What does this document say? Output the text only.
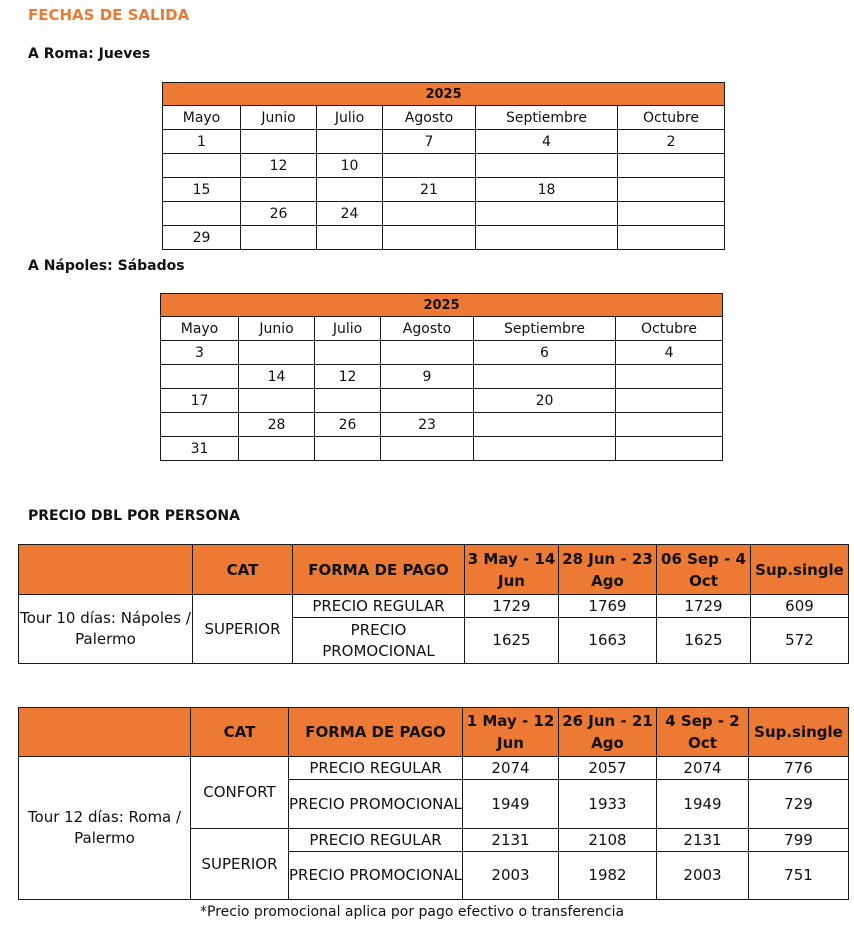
FECHAS DE SALIDA
A Roma: Jueves
2025					
Mayo	Junio	Julio	Agosto	Septiembre	Octubre
1			7	4	2
	12	10			
15			21	18	
	26	24			
29					
A Nápoles: Sábados
2025					
Mayo	Junio	Julio	Agosto	Septiembre	Octubre
3				6	4
	14	12	9		
17				20	
	28	26	23		
31					
PRECIO DBL POR PERSONA
	CAT	FORMA DE PAGO	3 May - 14 Jun	28 Jun - 23 Ago	06 Sep - 4 Oct	Sup.single
Tour 10 días: Nápoles / Palermo	SUPERIOR	PRECIO REGULAR	1729	1769	1729	609
		PRECIO PROMOCIONAL	1625	1663	1625	572
	CAT	FORMA DE PAGO	1 May - 12 Jun	26 Jun - 21 Ago	4 Sep - 2 Oct	Sup.single
Tour 12 días: Roma / Palermo	CONFORT	PRECIO REGULAR	2074	2057	2074	776
		PRECIO PROMOCIONAL	1949	1933	1949	729
	SUPERIOR	PRECIO REGULAR	2131	2108	2131	799
		PRECIO PROMOCIONAL	2003	1982	2003	751
*Precio promocional aplica por pago efectivo o transferencia
